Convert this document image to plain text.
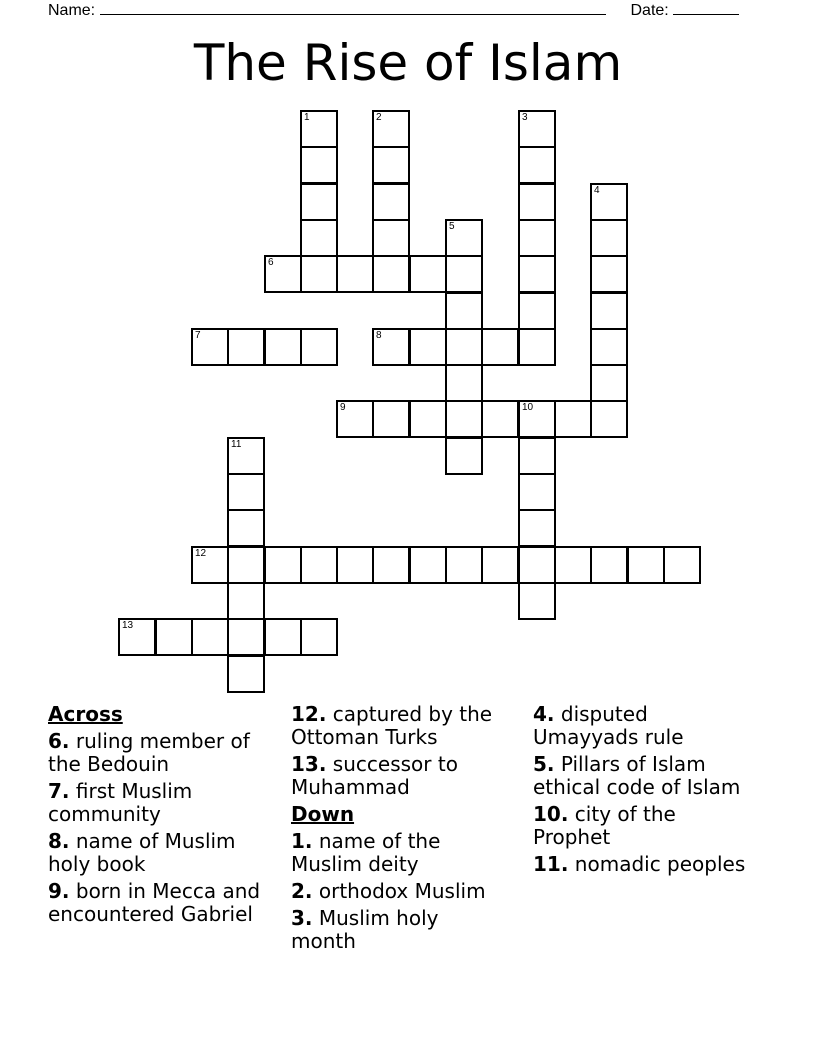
Name:	Date:
The Rise of Islam
1	2	3
4
5
6
7	8
9	10
11
12
13
Across
6. ruling member of the Bedouin
7. first Muslim community
8. name of Muslim holy book
9. born in Mecca and encountered Gabriel
12. captured by the Ottoman Turks
13. successor to Muhammad
Down
1. name of the Muslim deity
2. orthodox Muslim
3. Muslim holy month
4. disputed Umayyads rule
5. Pillars of Islam ethical code of Islam
10. city of the Prophet
11. nomadic peoples
